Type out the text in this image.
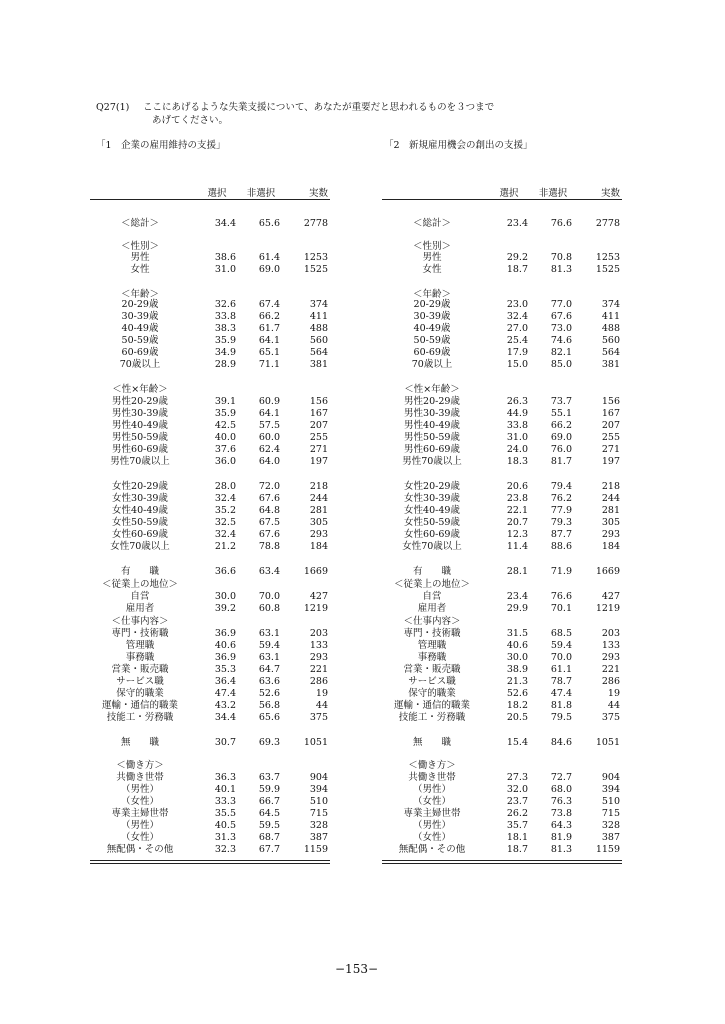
Q27(1) ここにあげるような失業支援について、あなたが重要だと思われるものを３つまで
あげてください。
「1　企業の雇用維持の支援」	「2　新規雇用機会の創出の支援」
選択	非選択	実数
＜総計＞	34.4	65.6	2778
＜性別＞
男性	38.6	61.4	1253
女性	31.0	69.0	1525
＜年齢＞
20-29歳	32.6	67.4	374
30-39歳	33.8	66.2	411
40-49歳	38.3	61.7	488
50-59歳	35.9	64.1	560
60-69歳	34.9	65.1	564
70歳以上	28.9	71.1	381
＜性×年齢＞
男性20-29歳	39.1	60.9	156
男性30-39歳	35.9	64.1	167
男性40-49歳	42.5	57.5	207
男性50-59歳	40.0	60.0	255
男性60-69歳	37.6	62.4	271
男性70歳以上	36.0	64.0	197
女性20-29歳	28.0	72.0	218
女性30-39歳	32.4	67.6	244
女性40-49歳	35.2	64.8	281
女性50-59歳	32.5	67.5	305
女性60-69歳	32.4	67.6	293
女性70歳以上	21.2	78.8	184
有　　職	36.6	63.4	1669
＜従業上の地位＞
自営	30.0	70.0	427
雇用者	39.2	60.8	1219
＜仕事内容＞
専門・技術職	36.9	63.1	203
管理職	40.6	59.4	133
事務職	36.9	63.1	293
営業・販売職	35.3	64.7	221
サービス職	36.4	63.6	286
保守的職業	47.4	52.6	19
運輸・通信的職業	43.2	56.8	44
技能工・労務職	34.4	65.6	375
無　　職	30.7	69.3	1051
＜働き方＞
共働き世帯	36.3	63.7	904
（男性）	40.1	59.9	394
（女性）	33.3	66.7	510
専業主婦世帯	35.5	64.5	715
（男性）	40.5	59.5	328
（女性）	31.3	68.7	387
無配偶・その他	32.3	67.7	1159
選択	非選択	実数
＜総計＞	23.4	76.6	2778
＜性別＞
男性	29.2	70.8	1253
女性	18.7	81.3	1525
＜年齢＞
20-29歳	23.0	77.0	374
30-39歳	32.4	67.6	411
40-49歳	27.0	73.0	488
50-59歳	25.4	74.6	560
60-69歳	17.9	82.1	564
70歳以上	15.0	85.0	381
＜性×年齢＞
男性20-29歳	26.3	73.7	156
男性30-39歳	44.9	55.1	167
男性40-49歳	33.8	66.2	207
男性50-59歳	31.0	69.0	255
男性60-69歳	24.0	76.0	271
男性70歳以上	18.3	81.7	197
女性20-29歳	20.6	79.4	218
女性30-39歳	23.8	76.2	244
女性40-49歳	22.1	77.9	281
女性50-59歳	20.7	79.3	305
女性60-69歳	12.3	87.7	293
女性70歳以上	11.4	88.6	184
有　　職	28.1	71.9	1669
＜従業上の地位＞
自営	23.4	76.6	427
雇用者	29.9	70.1	1219
＜仕事内容＞
専門・技術職	31.5	68.5	203
管理職	40.6	59.4	133
事務職	30.0	70.0	293
営業・販売職	38.9	61.1	221
サービス職	21.3	78.7	286
保守的職業	52.6	47.4	19
運輸・通信的職業	18.2	81.8	44
技能工・労務職	20.5	79.5	375
無　　職	15.4	84.6	1051
＜働き方＞
共働き世帯	27.3	72.7	904
（男性）	32.0	68.0	394
（女性）	23.7	76.3	510
専業主婦世帯	26.2	73.8	715
（男性）	35.7	64.3	328
（女性）	18.1	81.9	387
無配偶・その他	18.7	81.3	1159
−153−
